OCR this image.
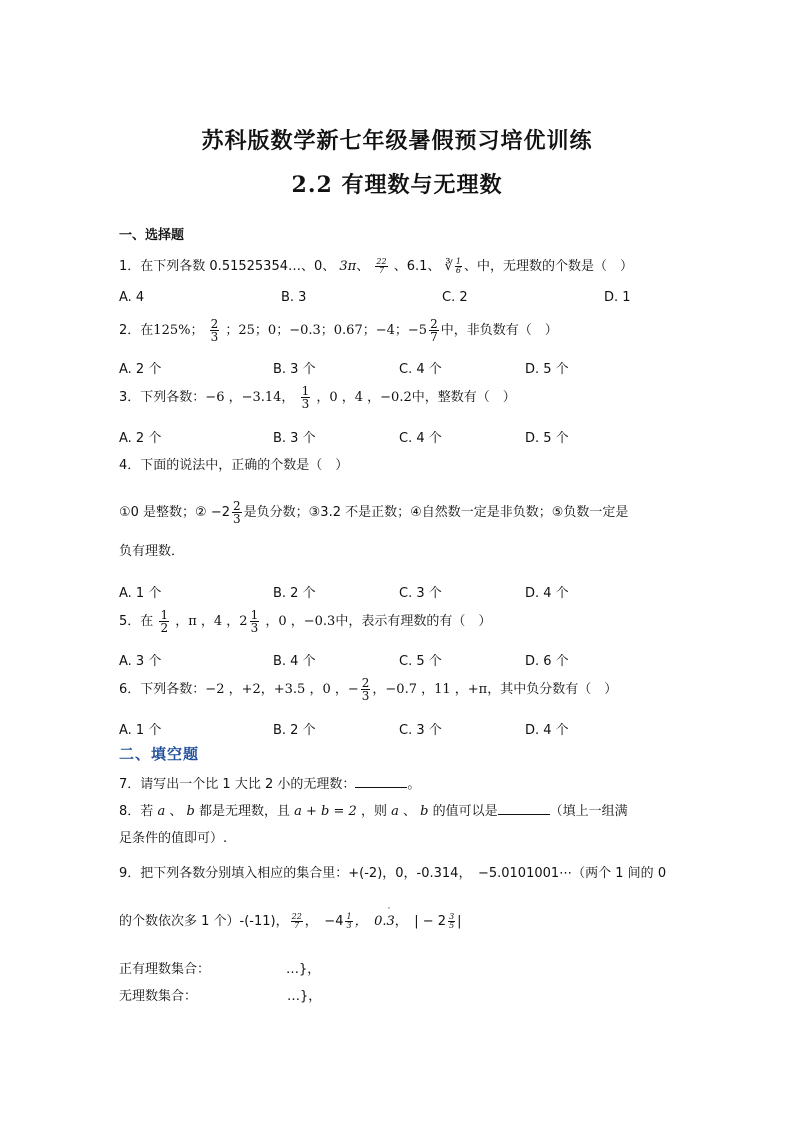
苏科版数学新七年级暑假预习培优训练
2.2 有理数与无理数
一、选择题
1．在下列各数 0.51525354…、0、 3π、 $\frac{22}{7}$ 、6.1、 ∛ $\frac{1}{6}$ 、中，无理数的个数是（　）
A. 4	B. 3	C. 2	D. 1
2．在125%； $\frac{2}{3}$ ；25；0；−0.3；0.67；−4；$-5 \frac{2}{7}$ 中，非负数有（　）
A. 2 个	B. 3 个	C. 4 个	D. 5 个
3．下列各数：−6 ，−3.14， $\frac{1}{3}$ ，0 ，4 ，−0.2中，整数有（　）
A. 2 个	B. 3 个	C. 4 个	D. 5 个
4．下面的说法中，正确的个数是（　）
①0 是整数；② $-2 \frac{2}{3}$ 是负分数；③3.2 不是正数；④自然数一定是非负数；⑤负数一定是
负有理数．
A. 1 个	B. 2 个	C. 3 个	D. 4 个
5．在 $\frac{1}{2}$ ，π ，4 ，$2 \frac{1}{3}$ ，0 ，−0.3中，表示有理数的有（　）
A. 3 个	B. 4 个	C. 5 个	D. 6 个
6．下列各数：−2 ，+2，+3.5 ，0 ，− $\frac{2}{3}$ ，−0.7 ，11 ，+π，其中负分数有（　）
A. 1 个	B. 2 个	C. 3 个	D. 4 个
二、填空题
7．请写出一个比 1 大比 2 小的无理数：	。
8．若 a 、 b 都是无理数，且 a + b = 2 ，则 a 、 b 的值可以是	（填上一组满
足条件的值即可）.
9．把下列各数分别填入相应的集合里：+(-2)，0，-0.314，　−5.0101001⋯（两个 1 间的 0
的个数依次多 1 个）-(-11)， $\frac{22}{7}$ ，　$-4 \frac{1}{3}$ ，　0.3
·
，　| − $2 \frac{3}{5}$ |
正有理数集合：	…}，
无理数集合：	…}，
